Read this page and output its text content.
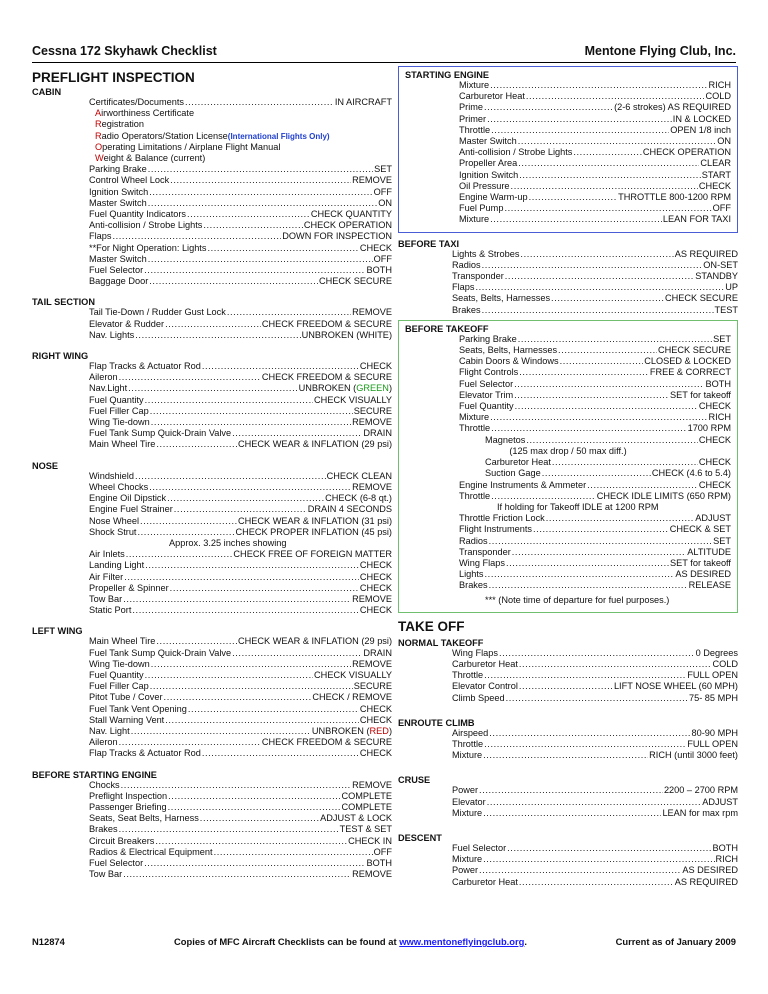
Cessna 172 Skyhawk Checklist	Mentone Flying Club, Inc.
PREFLIGHT INSPECTION
CABIN
Certificates/Documents .....	IN AIRCRAFT
A irworthiness Certificate
R egistration
R adio Operators/Station License (International Flights Only)
O perating Limitations / Airplane Flight Manual
W eight & Balance (current)
Parking Brake .....	SET
Control Wheel Lock .....	REMOVE
Ignition Switch .....	OFF
Master Switch .....	ON
Fuel Quantity Indicators .....	CHECK QUANTITY
Anti-collision / Strobe Lights .....	CHECK OPERATION
Flaps .....	DOWN FOR INSPECTION
**For Night Operation: Lights .....	CHECK
Master Switch .....	OFF
Fuel Selector .....	BOTH
Baggage Door .....	CHECK SECURE
TAIL SECTION
Tail Tie-Down / Rudder Gust Lock .....	REMOVE
Elevator & Rudder .....	CHECK FREEDOM & SECURE
Nav. Lights .....	UNBROKEN (WHITE)
RIGHT WING
Flap Tracks & Actuator Rod .....	CHECK
Aileron .....	CHECK FREEDOM & SECURE
Nav.Light .....	UNBROKEN ( GREEN )
Fuel Quantity .....	CHECK VISUALLY
Fuel Filler Cap .....	SECURE
Wing Tie-down .....	REMOVE
Fuel Tank Sump Quick-Drain Valve .....	DRAIN
Main Wheel Tire .....	CHECK WEAR & INFLATION (29 psi)
NOSE
Windshield .....	CHECK CLEAN
Wheel Chocks .....	REMOVE
Engine Oil Dipstick .....	CHECK (6-8 qt.)
Engine Fuel Strainer .....	DRAIN 4 SECONDS
Nose Wheel .....	CHECK WEAR & INFLATION (31 psi)
Shock Strut .....	CHECK PROPER INFLATION (45 psi)
Approx. 3.25 inches showing
Air Inlets .....	CHECK FREE OF FOREIGN MATTER
Landing Light .....	CHECK
Air Filter .....	CHECK
Propeller & Spinner .....	CHECK
Tow Bar .....	REMOVE
Static Port .....	CHECK
LEFT WING
Main Wheel Tire .....	CHECK WEAR & INFLATION (29 psi)
Fuel Tank Sump Quick-Drain Valve .....	DRAIN
Wing Tie-down .....	REMOVE
Fuel Quantity .....	CHECK VISUALLY
Fuel Filler Cap .....	SECURE
Pitot Tube / Cover .....	CHECK / REMOVE
Fuel Tank Vent Opening .....	CHECK
Stall Warning Vent .....	CHECK
Nav. Light .....	UNBROKEN ( RED )
Aileron .....	CHECK FREEDOM & SECURE
Flap Tracks & Actuator Rod .....	CHECK
BEFORE STARTING ENGINE
Chocks .....	REMOVE
Preflight Inspection .....	COMPLETE
Passenger Briefing .....	COMPLETE
Seats, Seat Belts, Harness .....	ADJUST & LOCK
Brakes .....	TEST & SET
Circuit Breakers .....	CHECK IN
Radios & Electrical Equipment .....	OFF
Fuel Selector .....	BOTH
Tow Bar .....	REMOVE
STARTING ENGINE
Mixture .....	RICH
Carburetor Heat .....	COLD
Prime .....	(2-6 strokes) AS REQUIRED
Primer .....	IN & LOCKED
Throttle .....	OPEN 1/8 inch
Master Switch .....	ON
Anti-collision / Strobe Lights .....	CHECK OPERATION
Propeller Area .....	CLEAR
Ignition Switch .....	START
Oil Pressure .....	CHECK
Engine Warm-up .....	THROTTLE 800-1200 RPM
Fuel Pump .....	OFF
Mixture .....	LEAN FOR TAXI
BEFORE TAXI
Lights & Strobes .....	AS REQUIRED
Radios .....	ON-SET
Transponder .....	STANDBY
Flaps .....	UP
Seats, Belts, Harnesses .....	CHECK SECURE
Brakes .....	TEST
BEFORE TAKEOFF
Parking Brake .....	SET
Seats, Belts, Harnesses .....	CHECK SECURE
Cabin Doors & Windows .....	CLOSED & LOCKED
Flight Controls .....	FREE & CORRECT
Fuel Selector .....	BOTH
Elevator Trim .....	SET for takeoff
Fuel Quantity .....	CHECK
Mixture .....	RICH
Throttle .....	1700 RPM
Magnetos .....	CHECK
(125 max drop / 50 max diff.)
Carburetor Heat .....	CHECK
Suction Gage .....	CHECK (4.6 to 5.4)
Engine Instruments & Ammeter .....	CHECK
Throttle .....	CHECK IDLE LIMITS (650 RPM)
If holding for Takeoff IDLE at 1200 RPM
Throttle Friction Lock .....	ADJUST
Flight Instruments .....	CHECK & SET
Radios .....	SET
Transponder .....	ALTITUDE
Wing Flaps .....	SET for takeoff
Lights .....	AS DESIRED
Brakes .....	RELEASE
*** (Note time of departure for fuel purposes.)
TAKE OFF
NORMAL TAKEOFF
Wing Flaps .....	0 Degrees
Carburetor Heat .....	COLD
Throttle .....	FULL OPEN
Elevator Control .....	LIFT NOSE WHEEL (60 MPH)
Climb Speed .....	75- 85 MPH
ENROUTE CLIMB
Airspeed .....	80-90 MPH
Throttle .....	FULL OPEN
Mixture .....	RICH (until 3000 feet)
CRUSE
Power .....	2200 – 2700 RPM
Elevator .....	ADJUST
Mixture .....	LEAN for max rpm
DESCENT
Fuel Selector .....	BOTH
Mixture .....	RICH
Power .....	AS DESIRED
Carburetor Heat .....	AS REQUIRED
N12874	Copies of MFC Aircraft Checklists can be found at www.mentoneflyingclub.org.	Current as of January 2009
